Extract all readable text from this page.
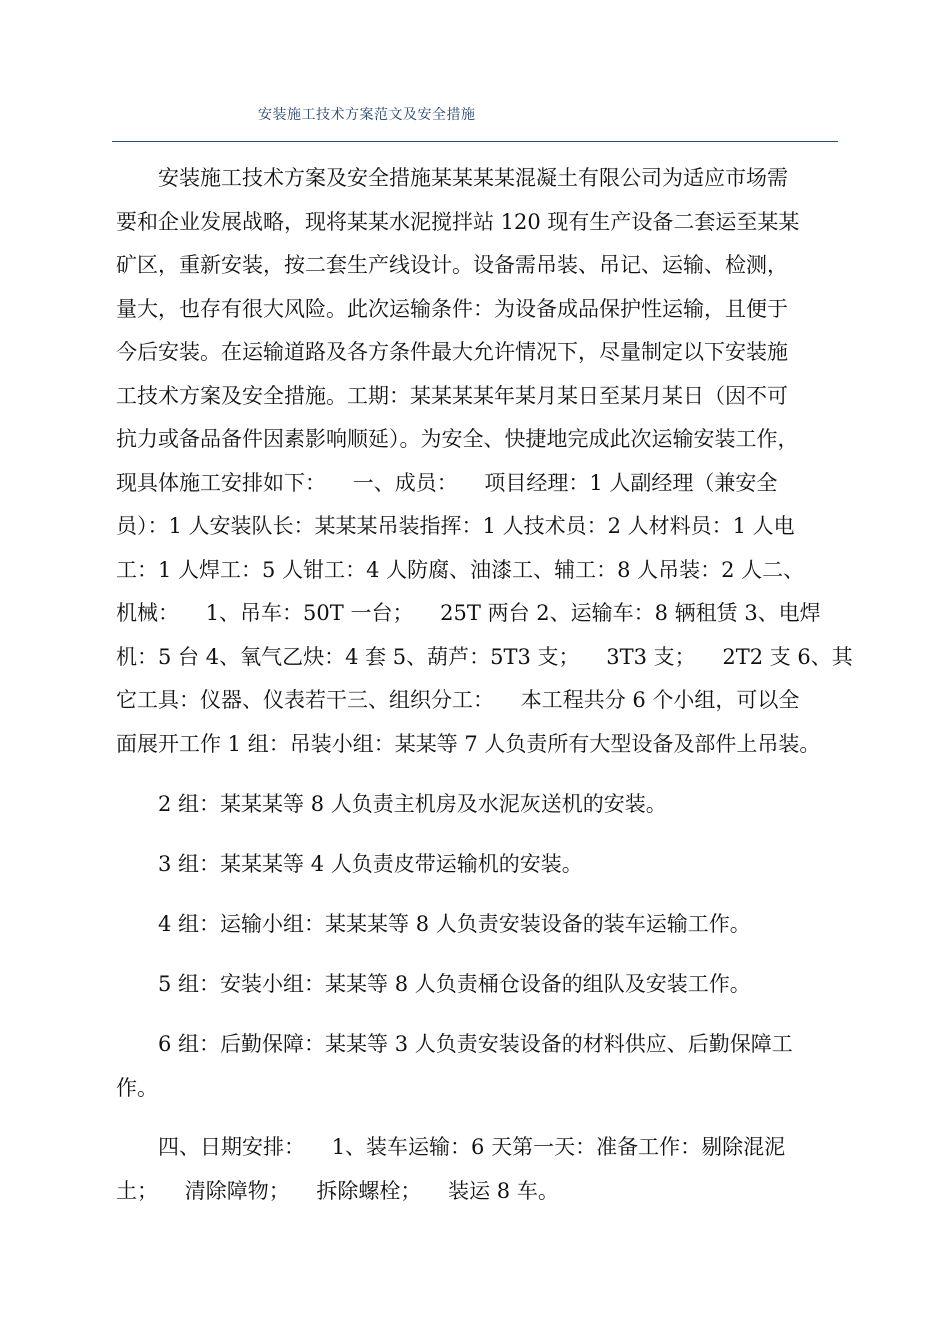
安装施工技术方案范文及安全措施
　　安装施工技术方案及安全措施某某某某混凝土有限公司为适应市场需
要和企业发展战略，现将某某水泥搅拌站 120 现有生产设备二套运至某某
矿区，重新安装，按二套生产线设计。设备需吊装、吊记、运输、检测，
量大，也存有很大风险。此次运输条件：为设备成品保护性运输，且便于
今后安装。在运输道路及各方条件最大允许情况下，尽量制定以下安装施
工技术方案及安全措施。工期：某某某某年某月某日至某月某日（因不可
抗力或备品备件因素影响顺延）。为安全、快捷地完成此次运输安装工作，
现具体施工安排如下：    一、成员：    项目经理：1 人副经理（兼安全
员）：1 人安装队长：某某某吊装指挥：1 人技术员：2 人材料员：1 人电
工：1 人焊工：5 人钳工：4 人防腐、油漆工、辅工：8 人吊装：2 人二、
机械：    1、吊车：50T 一台；    25T 两台 2、运输车：8 辆租赁 3、电焊
机：5 台 4、氧气乙炔：4 套 5、葫芦：5T3 支；    3T3 支；    2T2 支 6、其
它工具：仪器、仪表若干三、组织分工：    本工程共分 6 个小组，可以全
面展开工作 1 组：吊装小组：某某等 7 人负责所有大型设备及部件上吊装。
　　2 组：某某某等 8 人负责主机房及水泥灰送机的安装。
　　3 组：某某某等 4 人负责皮带运输机的安装。
　　4 组：运输小组：某某某等 8 人负责安装设备的装车运输工作。
　　5 组：安装小组：某某等 8 人负责桶仓设备的组队及安装工作。
　　6 组：后勤保障：某某等 3 人负责安装设备的材料供应、后勤保障工
作。
　　四、日期安排：    1、装车运输：6 天第一天：准备工作：剔除混泥
土；    清除障物；    拆除螺栓；    装运 8 车。
